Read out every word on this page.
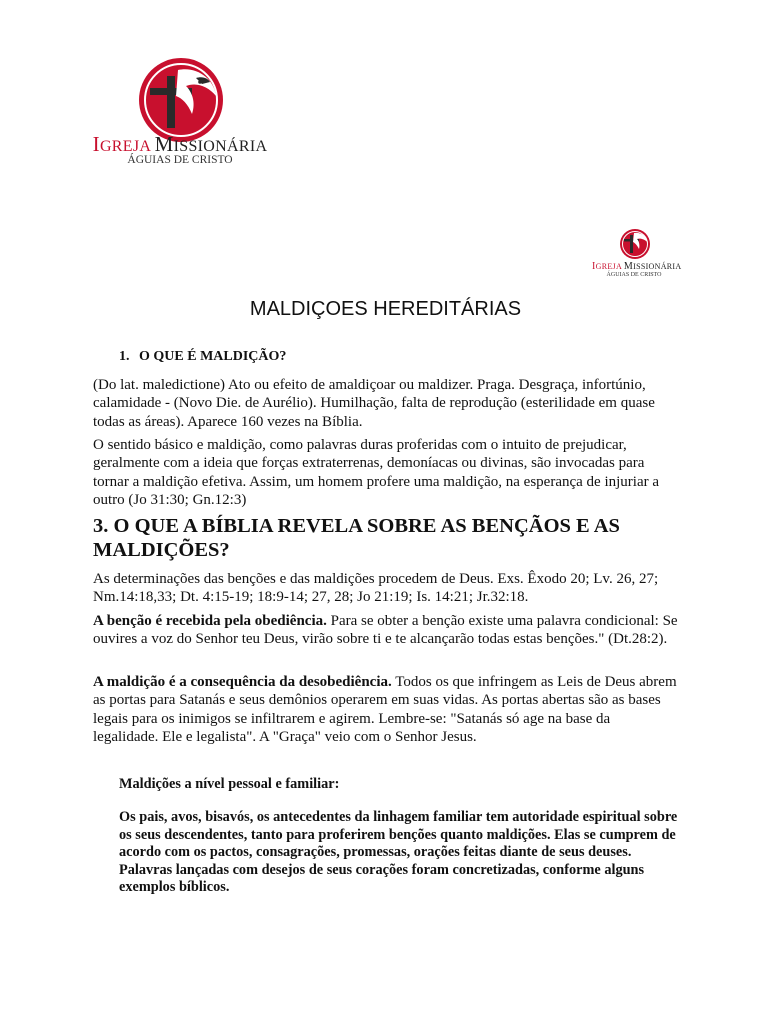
IGREJA MISSIONÁRIA
ÁGUIAS DE CRISTO
IGREJA MISSIONÁRIA
ÁGUIAS DE CRISTO
MALDIÇOES HEREDITÁRIAS
1. O QUE É MALDIÇÃO?

(Do lat. maledictione) Ato ou efeito de amaldiçoar ou maldizer. Praga. Desgraça, infortúnio, calamidade - (Novo Die. de Aurélio). Humilhação, falta de reprodução (esterilidade em quase todas as áreas). Aparece 160 vezes na Bíblia.

O sentido básico e maldição, como palavras duras proferidas com o intuito de prejudicar, geralmente com a ideia que forças extraterrenas, demoníacas ou divinas, são invocadas para tornar a maldição efetiva. Assim, um homem profere uma maldição, na esperança de injuriar a outro (Jo 31:30; Gn.12:3)

3. O QUE A BÍBLIA REVELA SOBRE AS BENÇÃOS E AS MALDIÇÕES?

As determinações das benções e das maldições procedem de Deus. Exs. Êxodo 20; Lv. 26, 27; Nm.14:18,33; Dt. 4:15-19; 18:9-14; 27, 28; Jo 21:19; Is. 14:21; Jr.32:18.

A benção é recebida pela obediência. Para se obter a benção existe uma palavra condicional: Se ouvires a voz do Senhor teu Deus, virão sobre ti e te alcançarão todas estas benções." (Dt.28:2).

A maldição é a consequência da desobediência. Todos os que infringem as Leis de Deus abrem as portas para Satanás e seus demônios operarem em suas vidas. As portas abertas são as bases legais para os inimigos se infiltrarem e agirem. Lembre-se: "Satanás só age na base da legalidade. Ele e legalista". A "Graça" veio com o Senhor Jesus.

Maldições a nível pessoal e familiar:

Os pais, avos, bisavós, os antecedentes da linhagem familiar tem autoridade espiritual sobre os seus descendentes, tanto para proferirem benções quanto maldições. Elas se cumprem de acordo com os pactos, consagrações, promessas, orações feitas diante de seus deuses. Palavras lançadas com desejos de seus corações foram concretizadas, conforme alguns exemplos bíblicos.
